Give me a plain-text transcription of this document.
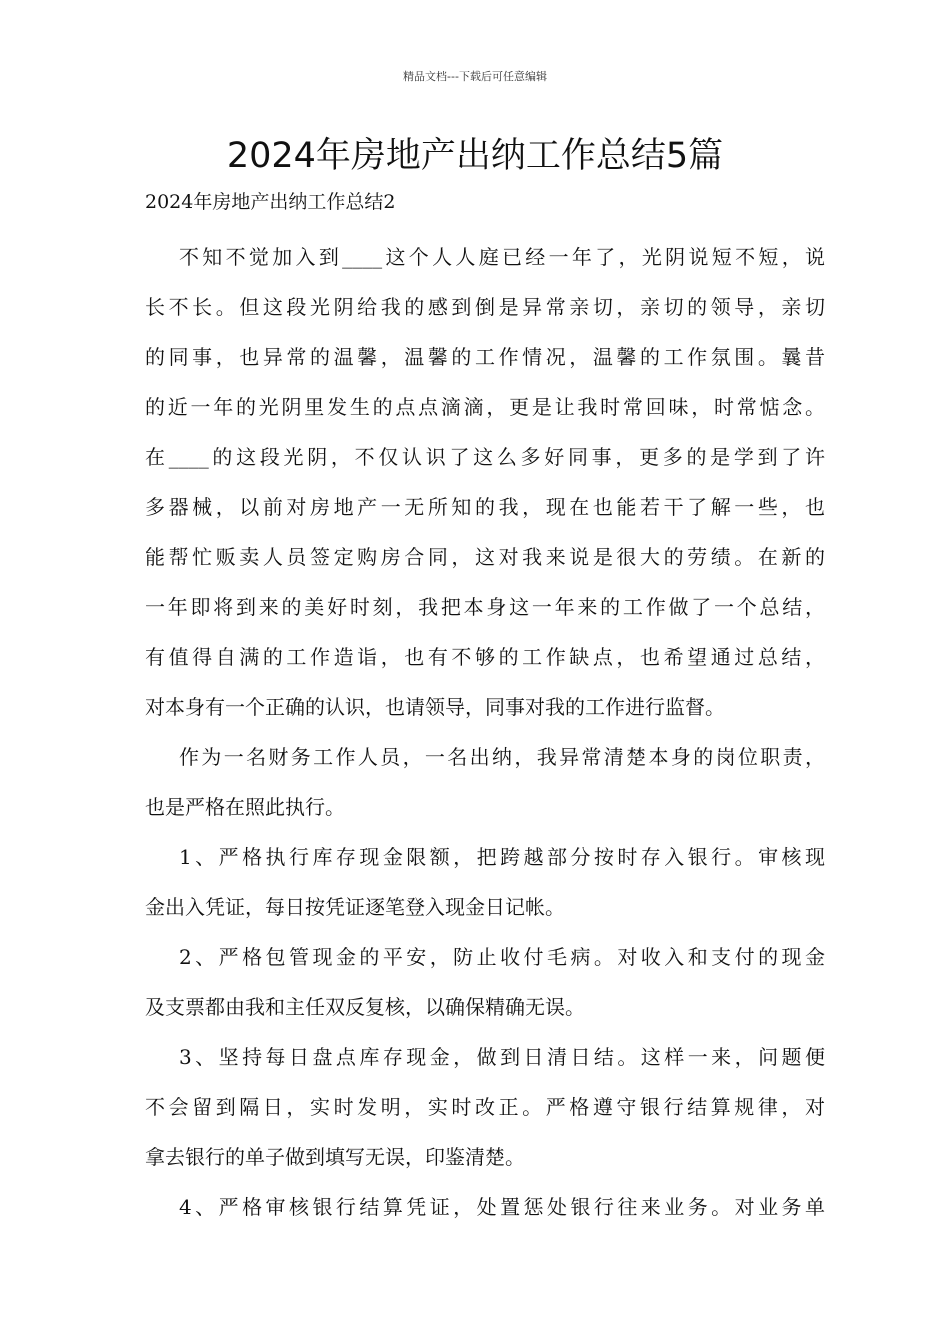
精品文档---下载后可任意编辑
2024年房地产出纳工作总结5篇
2024年房地产出纳工作总结2
不知不觉加入到____这个人人庭已经一年了，光阴说短不短，说
长不长。但这段光阴给我的感到倒是异常亲切，亲切的领导，亲切
的同事，也异常的温馨，温馨的工作情况，温馨的工作氛围。曩昔
的近一年的光阴里发生的点点滴滴，更是让我时常回味，时常惦念。
在____的这段光阴，不仅认识了这么多好同事，更多的是学到了许
多器械，以前对房地产一无所知的我，现在也能若干了解一些，也
能帮忙贩卖人员签定购房合同，这对我来说是很大的劳绩。在新的
一年即将到来的美好时刻，我把本身这一年来的工作做了一个总结，
有值得自满的工作造诣，也有不够的工作缺点，也希望通过总结，
对本身有一个正确的认识，也请领导，同事对我的工作进行监督。
作为一名财务工作人员，一名出纳，我异常清楚本身的岗位职责，
也是严格在照此执行。
1、严格执行库存现金限额，把跨越部分按时存入银行。审核现
金出入凭证，每日按凭证逐笔登入现金日记帐。
2、严格包管现金的平安，防止收付毛病。对收入和支付的现金
及支票都由我和主任双反复核，以确保精确无误。
3、坚持每日盘点库存现金，做到日清日结。这样一来，问题便
不会留到隔日，实时发明，实时改正。严格遵守银行结算规律，对
拿去银行的单子做到填写无误，印鉴清楚。
4、严格审核银行结算凭证，处置惩处银行往来业务。对业务单
